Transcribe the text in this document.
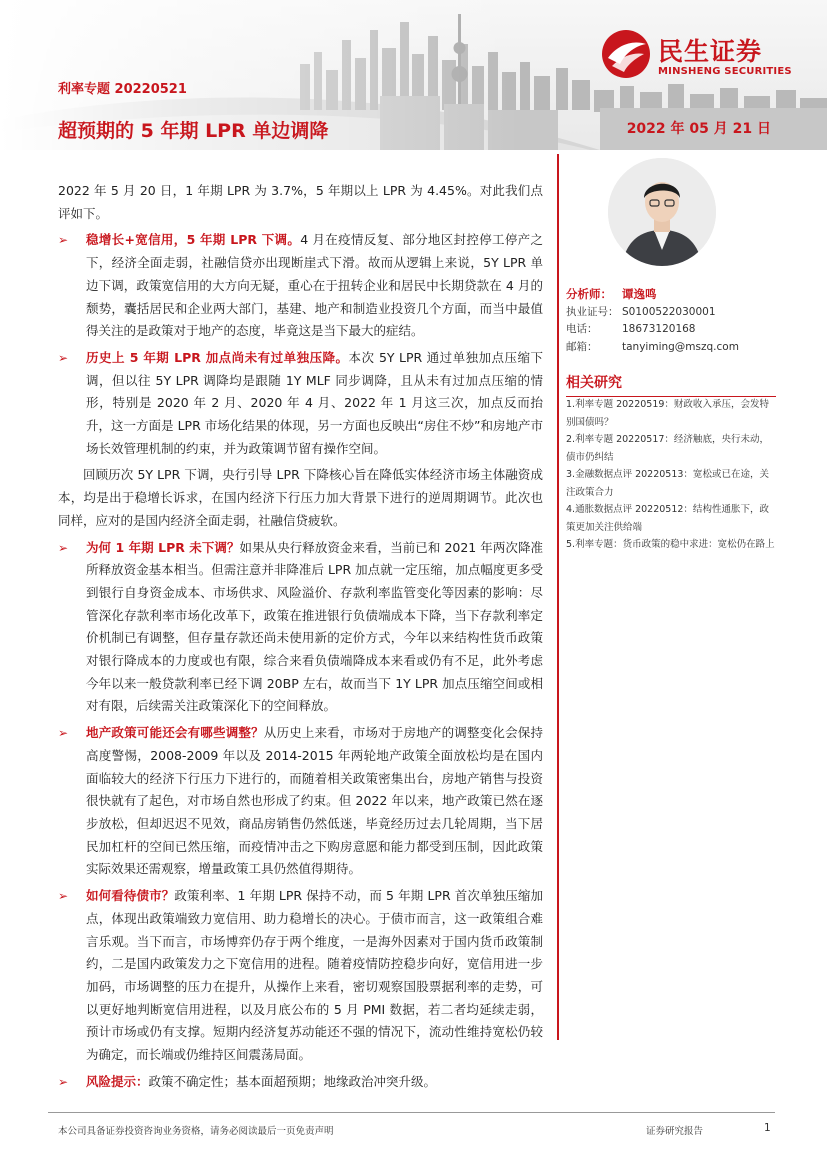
利率专题 20220521
超预期的 5 年期 LPR 单边调降	2022 年 05 月 21 日
民生证券
MINSHENG SECURITIES

2022 年 5 月 20 日，1 年期 LPR 为 3.7%，5 年期以上 LPR 为 4.45%。对此我们点评如下。

➢ 稳增长+宽信用，5 年期 LPR 下调。4 月在疫情反复、部分地区封控停工停产之下，经济全面走弱，社融信贷亦出现断崖式下滑。故而从逻辑上来说，5Y LPR 单边下调，政策宽信用的大方向无疑，重心在于扭转企业和居民中长期贷款在 4 月的颓势，囊括居民和企业两大部门，基建、地产和制造业投资几个方面，而当中最值得关注的是政策对于地产的态度，毕竟这是当下最大的症结。

➢ 历史上 5 年期 LPR 加点尚未有过单独压降。本次 5Y LPR 通过单独加点压缩下调，但以往 5Y LPR 调降均是跟随 1Y MLF 同步调降，且从未有过加点压缩的情形，特别是 2020 年 2 月、2020 年 4 月、2022 年 1 月这三次，加点反而抬升，这一方面是 LPR 市场化结果的体现，另一方面也反映出“房住不炒”和房地产市场长效管理机制的约束，并为政策调节留有操作空间。

回顾历次 5Y LPR 下调，央行引导 LPR 下降核心旨在降低实体经济市场主体融资成本，均是出于稳增长诉求，在国内经济下行压力加大背景下进行的逆周期调节。此次也同样，应对的是国内经济全面走弱，社融信贷疲软。

➢ 为何 1 年期 LPR 未下调？如果从央行释放资金来看，当前已和 2021 年两次降准所释放资金基本相当。但需注意并非降准后 LPR 加点就一定压缩，加点幅度更多受到银行自身资金成本、市场供求、风险溢价、存款利率监管变化等因素的影响：尽管深化存款利率市场化改革下，政策在推进银行负债端成本下降，当下存款利率定价机制已有调整，但存量存款还尚未使用新的定价方式，今年以来结构性货币政策对银行降成本的力度或也有限，综合来看负债端降成本来看或仍有不足，此外考虑今年以来一般贷款利率已经下调 20BP 左右，故而当下 1Y LPR 加点压缩空间或相对有限，后续需关注政策深化下的空间释放。

➢ 地产政策可能还会有哪些调整？从历史上来看，市场对于房地产的调整变化会保持高度警惕，2008-2009 年以及 2014-2015 年两轮地产政策全面放松均是在国内面临较大的经济下行压力下进行的，而随着相关政策密集出台，房地产销售与投资很快就有了起色，对市场自然也形成了约束。但 2022 年以来，地产政策已然在逐步放松，但却迟迟不见效，商品房销售仍然低迷，毕竟经历过去几轮周期，当下居民加杠杆的空间已然压缩，而疫情冲击之下购房意愿和能力都受到压制，因此政策实际效果还需观察，增量政策工具仍然值得期待。

➢ 如何看待债市？政策利率、1 年期 LPR 保持不动，而 5 年期 LPR 首次单独压缩加点，体现出政策端致力宽信用、助力稳增长的决心。于债市而言，这一政策组合难言乐观。当下而言，市场博弈仍存于两个维度，一是海外因素对于国内货币政策制约，二是国内政策发力之下宽信用的进程。随着疫情防控稳步向好，宽信用进一步加码，市场调整的压力在提升，从操作上来看，密切观察国股票据利率的走势，可以更好地判断宽信用进程，以及月底公布的 5 月 PMI 数据，若二者均延续走弱，预计市场或仍有支撑。短期内经济复苏动能还不强的情况下，流动性维持宽松仍较为确定，而长端或仍维持区间震荡局面。

➢ 风险提示：政策不确定性；基本面超预期；地缘政治冲突升级。

分析师： 谭逸鸣
执业证号： S0100522030001
电话： 18673120168
邮箱： tanyiming@mszq.com
相关研究
1.利率专题 20220519：财政收入承压，会发特别国债吗？
2.利率专题 20220517：经济触底，央行未动，债市仍纠结
3.金融数据点评 20220513：宽松或已在途，关注政策合力
4.通胀数据点评 20220512：结构性通胀下，政策更加关注供给端
5.利率专题：货币政策的稳中求进：宽松仍在路上
本公司具备证券投资咨询业务资格，请务必阅读最后一页免责声明	证券研究报告	1
